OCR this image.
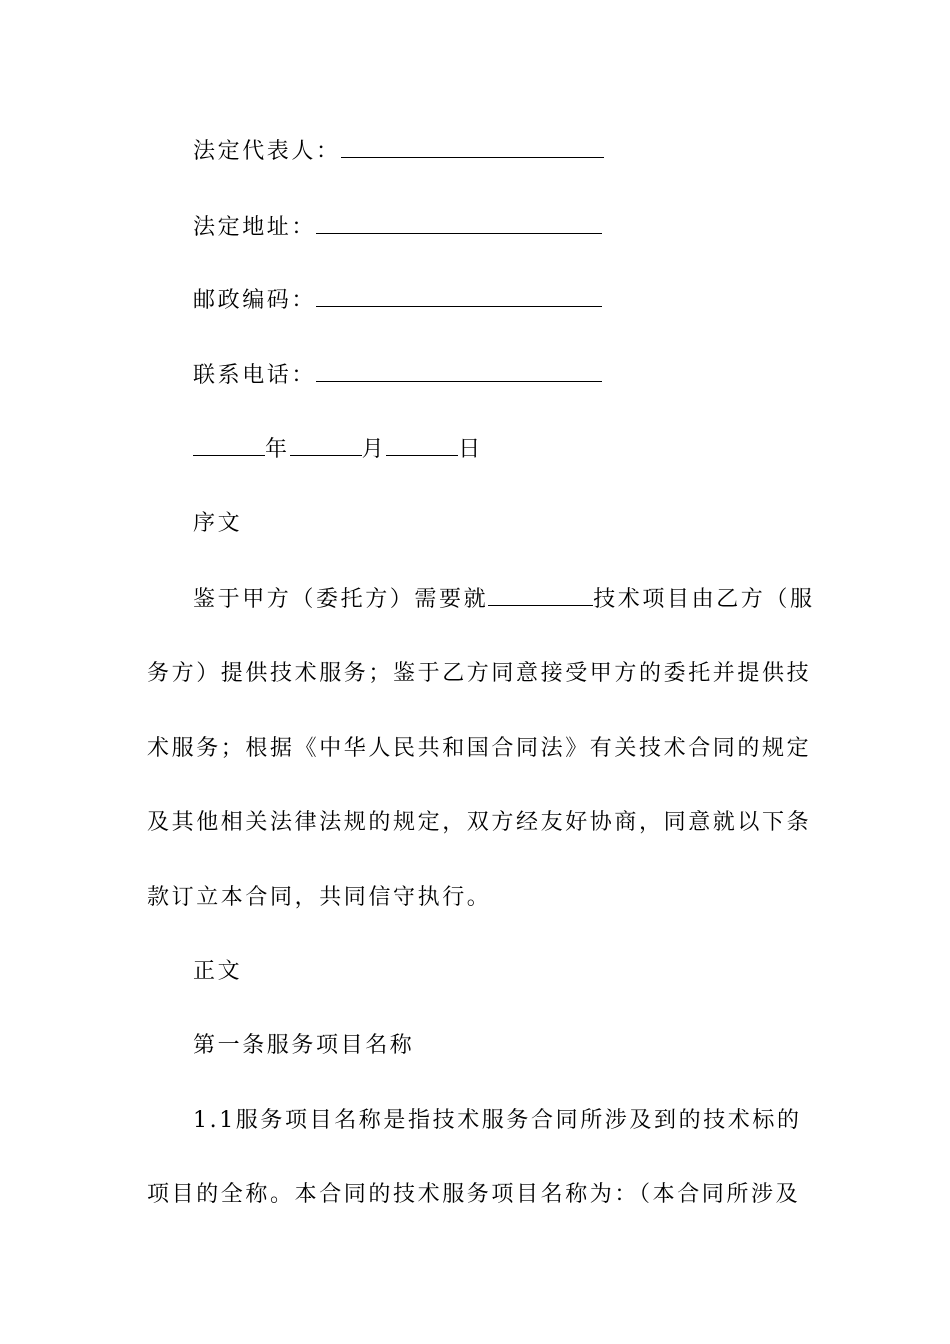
法定代表人：
法定地址：
邮政编码：
联系电话：
年	月	日
序文
鉴于甲方（委托方）需要就	技术项目由乙方（服
务方）提供技术服务；鉴于乙方同意接受甲方的委托并提供技
术服务；根据《中华人民共和国合同法》有关技术合同的规定
及其他相关法律法规的规定，双方经友好协商，同意就以下条
款订立本合同，共同信守执行。
正文
第一条服务项目名称
1.1服务项目名称是指技术服务合同所涉及到的技术标的
项目的全称。本合同的技术服务项目名称为：（本合同所涉及
